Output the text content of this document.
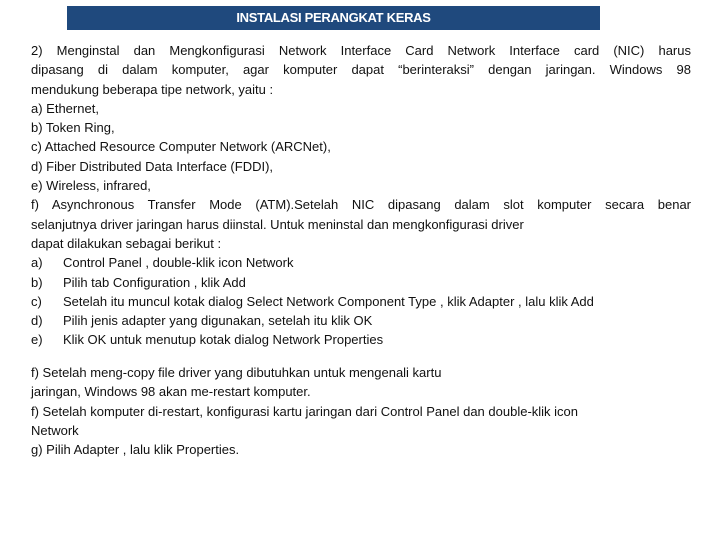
INSTALASI PERANGKAT KERAS
2) Menginstal dan Mengkonfigurasi Network Interface Card Network Interface card (NIC) harus
dipasang di dalam komputer, agar komputer dapat “berinteraksi” dengan jaringan. Windows 98
mendukung beberapa tipe network, yaitu :
a) Ethernet,
b) Token Ring,
c) Attached Resource Computer Network (ARCNet),
d) Fiber Distributed Data Interface (FDDI),
e) Wireless, infrared,
f) Asynchronous Transfer Mode (ATM).Setelah NIC dipasang dalam slot komputer secara benar
selanjutnya driver jaringan harus diinstal. Untuk meninstal dan mengkonfigurasi driver
dapat dilakukan sebagai berikut :
a)	Control Panel , double-klik icon Network
b)	Pilih tab Configuration , klik Add
c)	Setelah itu muncul kotak dialog Select Network Component Type , klik Adapter , lalu klik Add
d)	Pilih jenis adapter yang digunakan, setelah itu klik OK
e)	Klik OK untuk menutup kotak dialog Network Properties
f) Setelah meng-copy file driver yang dibutuhkan untuk mengenali kartu
jaringan, Windows 98 akan me-restart komputer.
f) Setelah komputer di-restart, konfigurasi kartu jaringan dari Control Panel dan double-klik icon
Network
g) Pilih Adapter , lalu klik Properties.
